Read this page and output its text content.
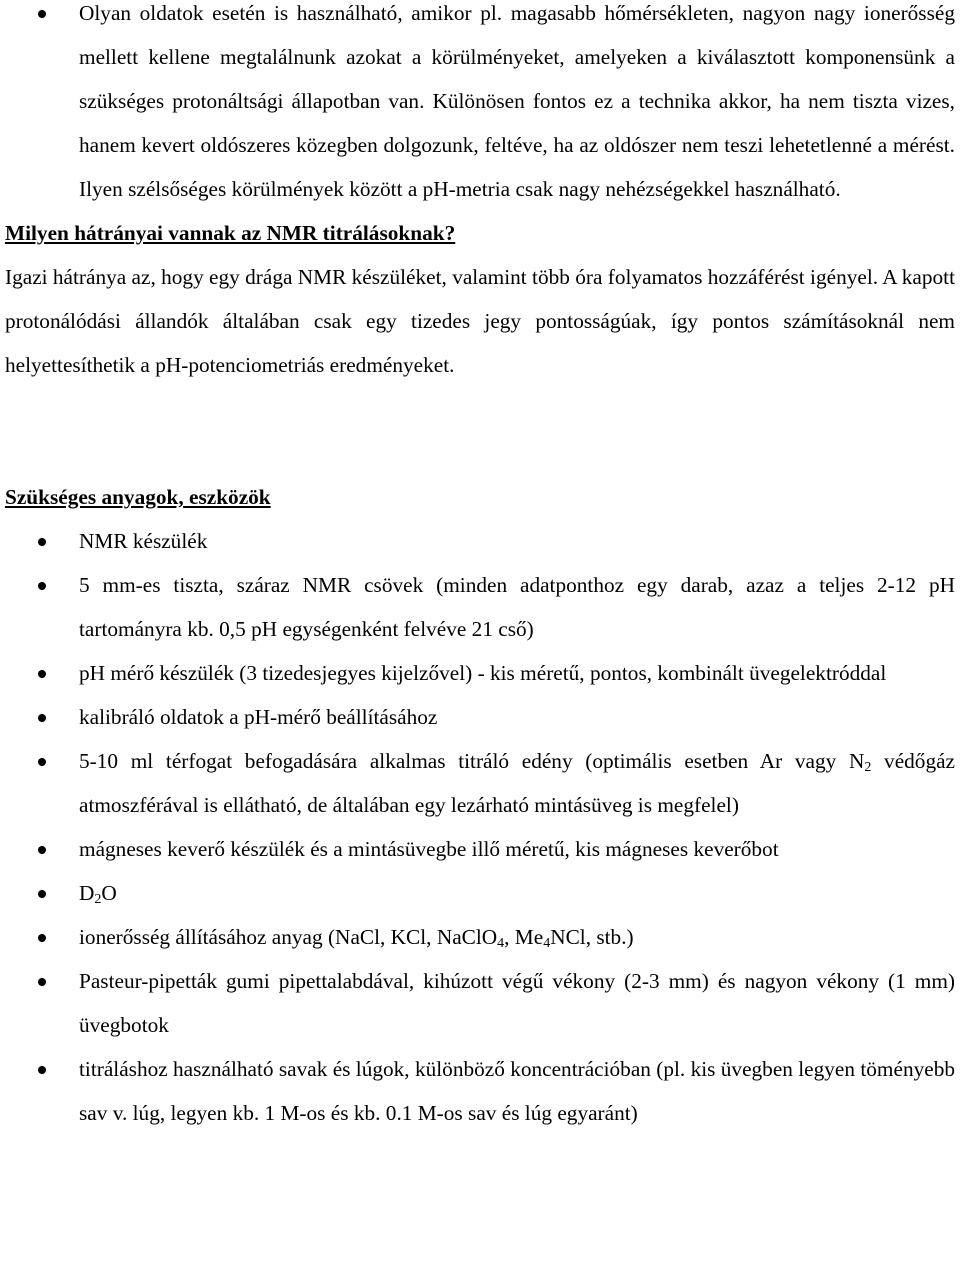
Olyan oldatok esetén is használható, amikor pl. magasabb hőmérsékleten, nagyon nagy ionerősség mellett kellene megtalálnunk azokat a körülményeket, amelyeken a kiválasztott komponensünk a szükséges protonáltsági állapotban van. Különösen fontos ez a technika akkor, ha nem tiszta vizes, hanem kevert oldószeres közegben dolgozunk, feltéve, ha az oldószer nem teszi lehetetlenné a mérést. Ilyen szélsőséges körülmények között a pH-metria csak nagy nehézségekkel használható.
Milyen hátrányai vannak az NMR titrálásoknak?

Igazi hátránya az, hogy egy drága NMR készüléket, valamint több óra folyamatos hozzáférést igényel. A kapott protonálódási állandók általában csak egy tizedes jegy pontosságúak, így pontos számításoknál nem helyettesíthetik a pH-potenciometriás eredményeket.

Szükséges anyagok, eszközök
NMR készülék
5 mm-es tiszta, száraz NMR csövek (minden adatponthoz egy darab, azaz a teljes 2-12 pH tartományra kb. 0,5 pH egységenként felvéve 21 cső)
pH mérő készülék (3 tizedesjegyes kijelzővel) - kis méretű, pontos, kombinált üvegelektróddal
kalibráló oldatok a pH-mérő beállításához
5-10 ml térfogat befogadására alkalmas titráló edény (optimális esetben Ar vagy $N_2$ védőgáz atmoszférával is ellátható, de általában egy lezárható mintásüveg is megfelel)
mágneses keverő készülék és a mintásüvegbe illő méretű, kis mágneses keverőbot
$D_2O$
ionerősség állításához anyag (NaCl, KCl, NaClO$_4$, $Me_4NCl$, stb.)
Pasteur-pipetták gumi pipettalabdával, kihúzott végű vékony (2-3 mm) és nagyon vékony (1 mm) üvegbotok
titráláshoz használható savak és lúgok, különböző koncentrációban (pl. kis üvegben legyen töményebb sav v. lúg, legyen kb. 1 M-os és kb. 0.1 M-os sav és lúg egyaránt)
